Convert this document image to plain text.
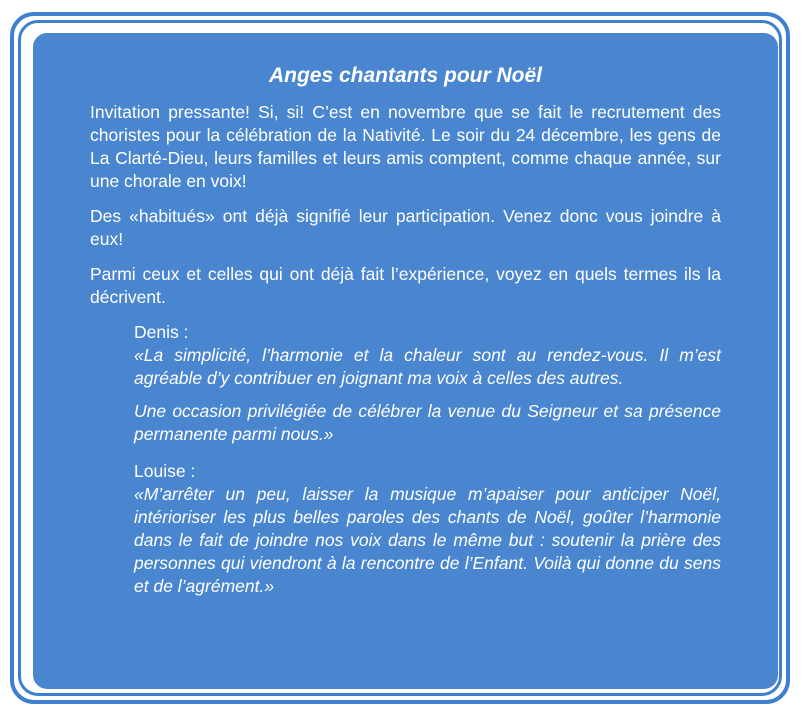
Anges chantants pour Noël

Invitation pressante! Si, si! C’est en novembre que se fait le recrutement des choristes pour la célébration de la Nativité. Le soir du 24 décembre, les gens de La Clarté-Dieu, leurs familles et leurs amis comptent, comme chaque année, sur une chorale en voix!

Des «habitués» ont déjà signifié leur participation. Venez donc vous joindre à eux!

Parmi ceux et celles qui ont déjà fait l’expérience, voyez en quels termes ils la décrivent.

Denis :

«La simplicité, l’harmonie et la chaleur sont au rendez-vous. Il m’est agréable d’y contribuer en joignant ma voix à celles des autres.

Une occasion privilégiée de célébrer la venue du Seigneur et sa présence permanente parmi nous.»

Louise :

«M’arrêter un peu, laisser la musique m’apaiser pour anticiper Noël, intérioriser les plus belles paroles des chants de Noël, goûter l’harmonie dans le fait de joindre nos voix dans le même but : soutenir la prière des personnes qui viendront à la rencontre de l’Enfant. Voilà qui donne du sens et de l’agrément.»
